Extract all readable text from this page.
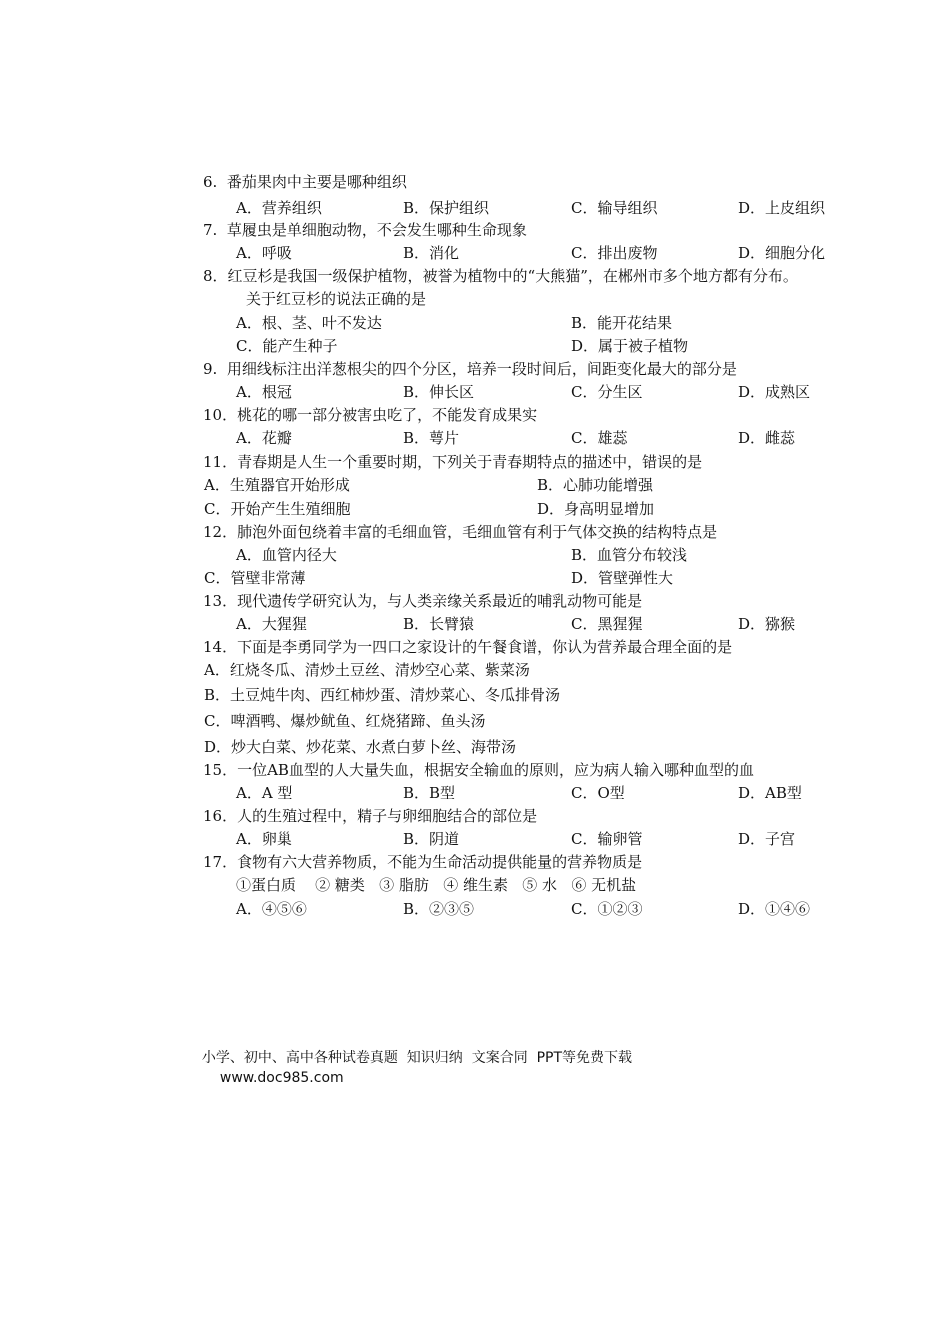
6.  番茄果肉中主要是哪种组织
A．营养组织	B．保护组织	C．输导组织	D．上皮组织
7.  草履虫是单细胞动物，不会发生哪种生命现象
A．呼吸	B．消化	C．排出废物	D．细胞分化
8．红豆杉是我国一级保护植物，被誉为植物中的“大熊猫”，在郴州市多个地方都有分布。
关于红豆杉的说法正确的是
A．根、茎、叶不发达	B．能开花结果
C．能产生种子	D．属于被子植物
9.  用细线标注出洋葱根尖的四个分区，培养一段时间后，间距变化最大的部分是
A．根冠	B．伸长区	C．分生区	D．成熟区
10．桃花的哪一部分被害虫吃了，不能发育成果实
A．花瓣	B．萼片	C．雄蕊	D．雌蕊
11．青春期是人生一个重要时期，下列关于青春期特点的描述中，错误的是
A．生殖器官开始形成	B．心肺功能增强
C．开始产生生殖细胞	D．身高明显增加
12．肺泡外面包绕着丰富的毛细血管，毛细血管有利于气体交换的结构特点是
A．血管内径大	B．血管分布较浅
C．管壁非常薄	D．管壁弹性大
13．现代遗传学研究认为，与人类亲缘关系最近的哺乳动物可能是
A．大猩猩	B．长臂猿	C．黑猩猩	D．猕猴
14．下面是李勇同学为一四口之家设计的午餐食谱，你认为营养最合理全面的是
A．红烧冬瓜、清炒土豆丝、清炒空心菜、紫菜汤
B．土豆炖牛肉、西红柿炒蛋、清炒菜心、冬瓜排骨汤
C．啤酒鸭、爆炒鱿鱼、红烧猪蹄、鱼头汤
D．炒大白菜、炒花菜、水煮白萝卜丝、海带汤
15．一位AB血型的人大量失血，根据安全输血的原则，应为病人输入哪种血型的血
A．A 型	B．B型	C．O型	D．AB型
16．人的生殖过程中，精子与卵细胞结合的部位是
A．卵巢	B．阴道	C．输卵管	D．子宫
17．食物有六大营养物质，不能为生命活动提供能量的营养物质是
①蛋白质    ② 糖类   ③ 脂肪   ④ 维生素   ⑤ 水   ⑥ 无机盐
A．④⑤⑥	B．②③⑤	C．①②③	D．①④⑥

小学、初中、高中各种试卷真题  知识归纳  文案合同  PPT等免费下载
www.doc985.com
